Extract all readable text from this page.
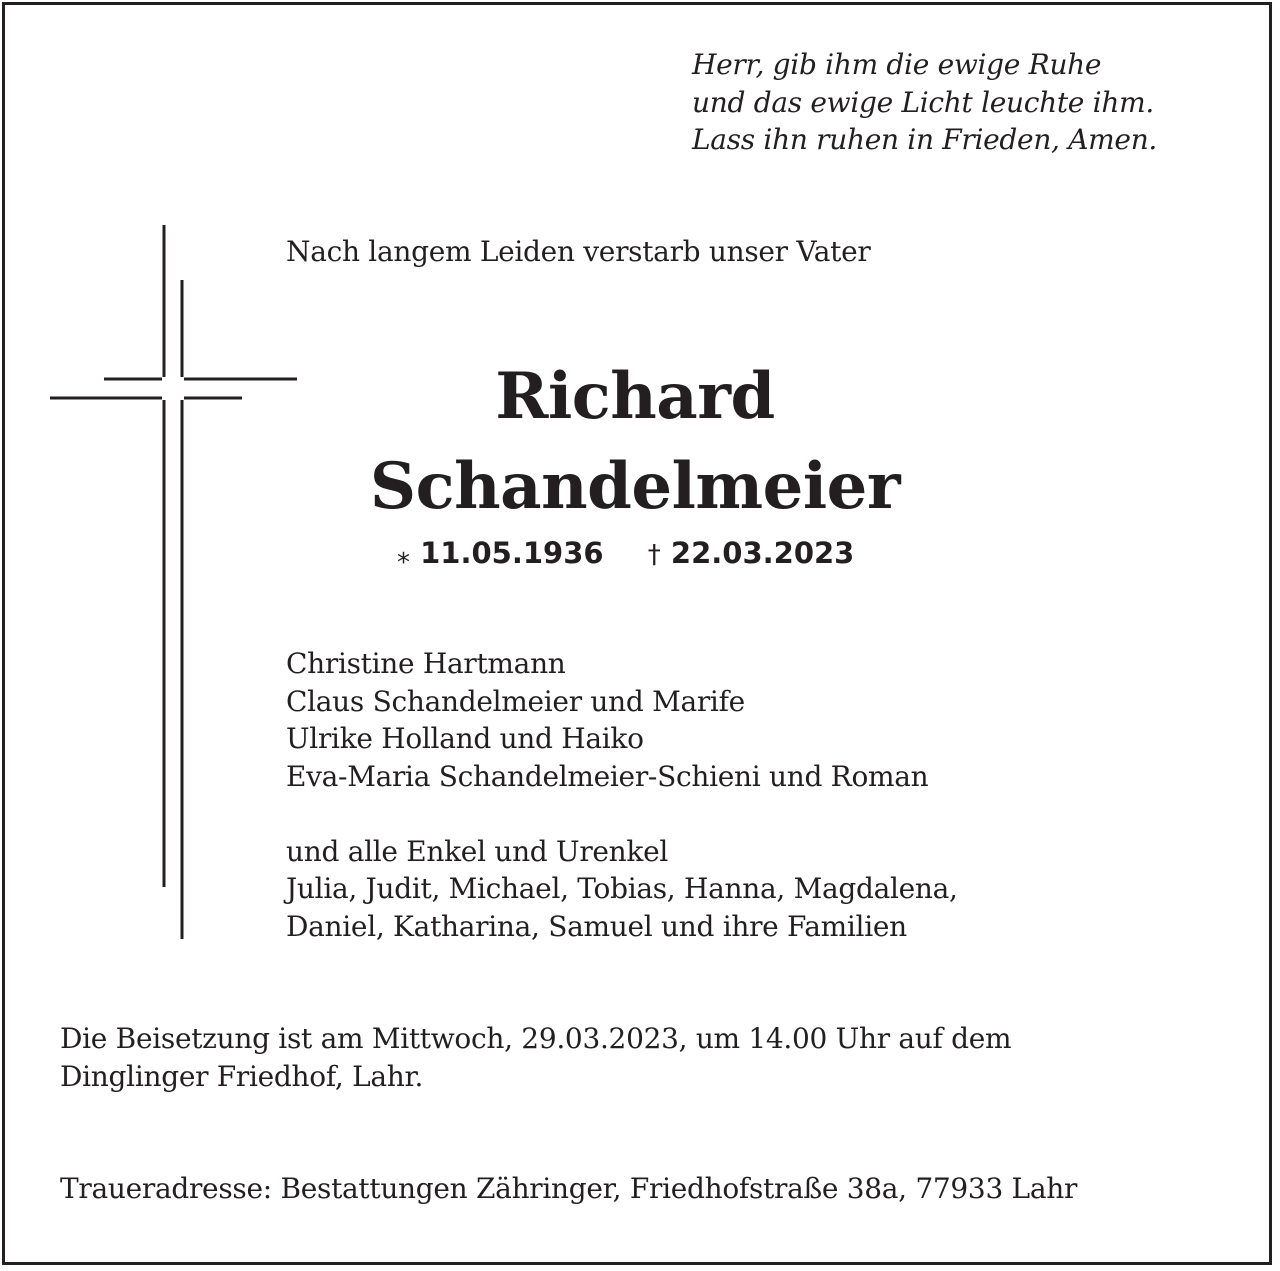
Herr, gib ihm die ewige Ruhe
und das ewige Licht leuchte ihm.
Lass ihn ruhen in Frieden, Amen.
Nach langem Leiden verstarb unser Vater
Richard
Schandelmeier
⁎ 11.05.1936 † 22.03.2023
Christine Hartmann
Claus Schandelmeier und Marife
Ulrike Holland und Haiko
Eva-Maria Schandelmeier-Schieni und Roman
und alle Enkel und Urenkel
Julia, Judit, Michael, Tobias, Hanna, Magdalena,
Daniel, Katharina, Samuel und ihre Familien
Die Beisetzung ist am Mittwoch, 29.03.2023, um 14.00 Uhr auf dem
Dinglinger Friedhof, Lahr.
Traueradresse: Bestattungen Zähringer, Friedhofstraße 38a, 77933 Lahr
